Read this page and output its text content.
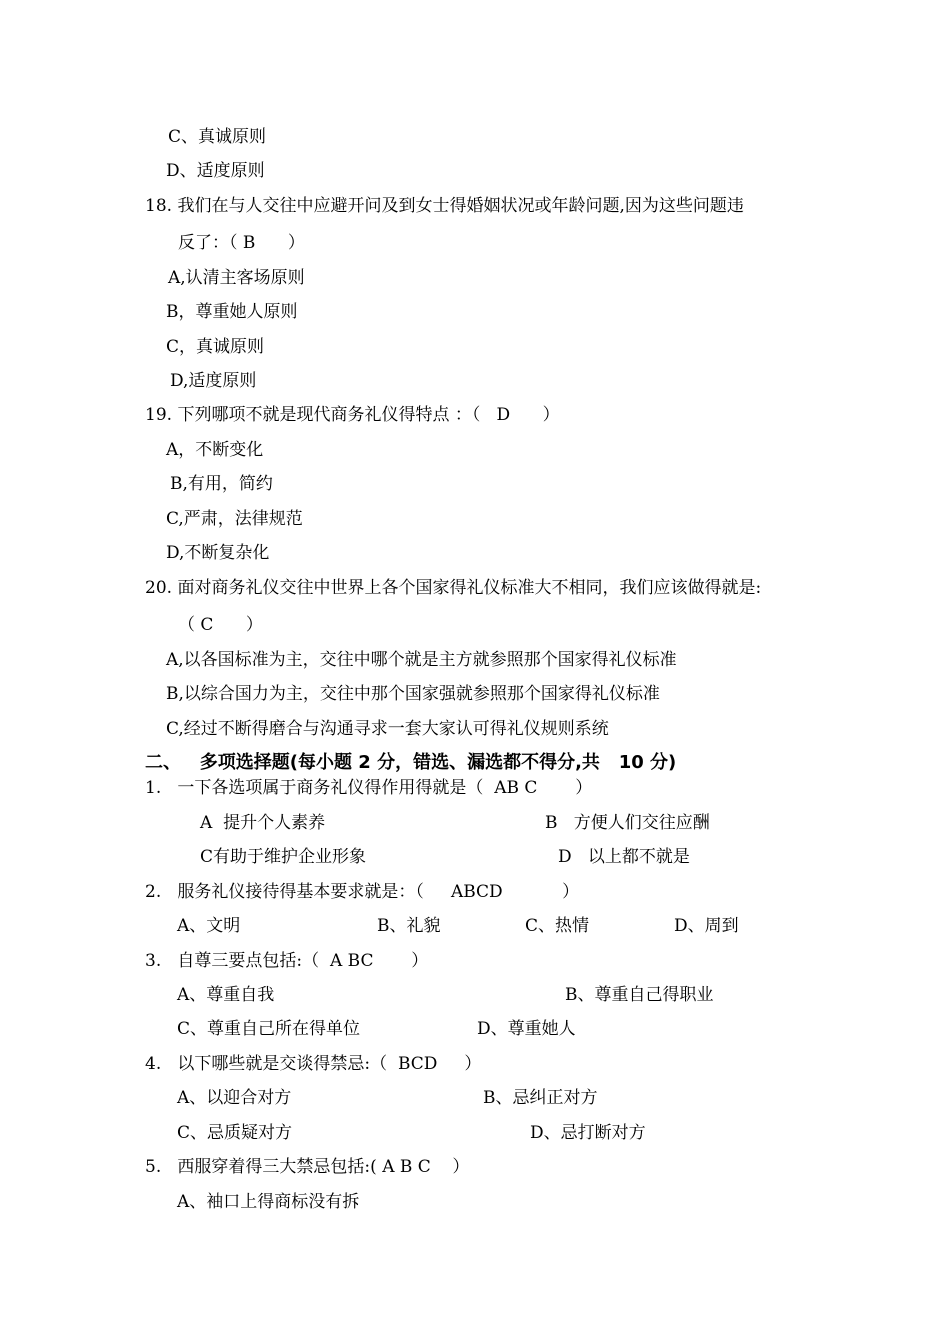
C、真诚原则
D、适度原则
18. 我们在与人交往中应避开问及到女士得婚姻状况或年龄问题,因为这些问题违
反了：（ B      ）
A,认清主客场原则
B，尊重她人原则
C，真诚原则
D,适度原则
19. 下列哪项不就是现代商务礼仪得特点 ：（   D      ）
A，不断变化
B,有用，简约
C,严肃，法律规范
D,不断复杂化
20. 面对商务礼仪交往中世界上各个国家得礼仪标准大不相同，我们应该做得就是:
（ C      ）
A,以各国标准为主，交往中哪个就是主方就参照那个国家得礼仪标准
B,以综合国力为主，交往中那个国家强就参照那个国家得礼仪标准
C,经过不断得磨合与沟通寻求一套大家认可得礼仪规则系统
二、   多项选择题(每小题 2 分，错选、漏选都不得分,共   10 分)
1.   一下各选项属于商务礼仪得作用得就是（  AB C       ）
A  提升个人素养	B   方便人们交往应酬
C有助于维护企业形象	D   以上都不就是
2.   服务礼仪接待得基本要求就是：（     ABCD           ）
A、文明	B、礼貌	C、热情	D、周到
3.   自尊三要点包括:（  A BC       ）
A、尊重自我	B、尊重自己得职业
C、尊重自己所在得单位	D、尊重她人
4.   以下哪些就是交谈得禁忌:（  BCD     ）
A、以迎合对方	B、忌纠正对方
C、忌质疑对方	D、忌打断对方
5.   西服穿着得三大禁忌包括:( A B C    ）
A、袖口上得商标没有拆
